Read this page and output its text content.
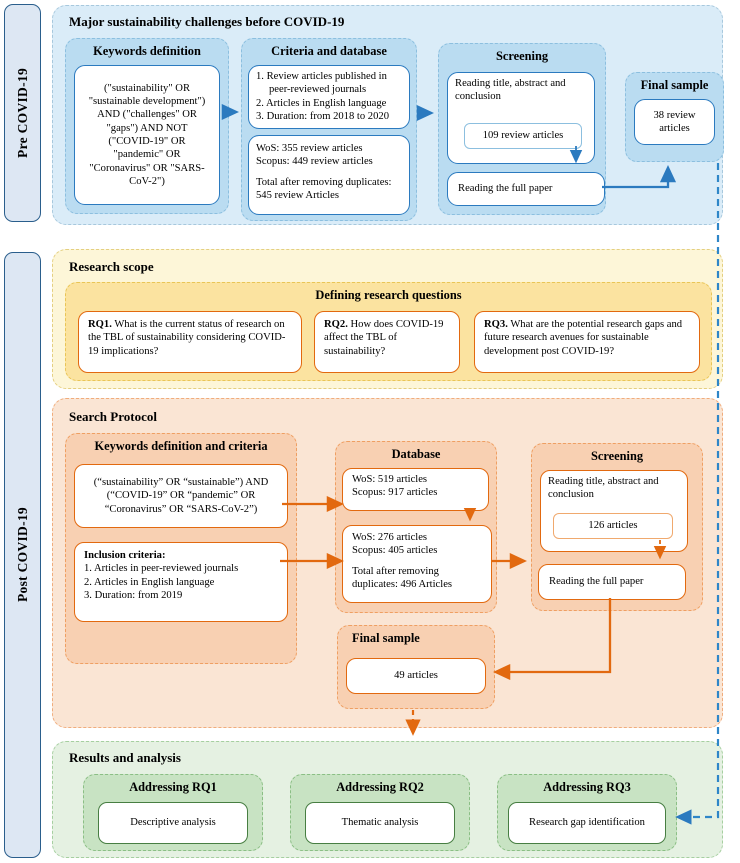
Pre COVID-19
Post COVID-19
Major sustainability challenges before COVID-19
Keywords definition
("sustainability" OR "sustainable development") AND ("challenges" OR "gaps") AND NOT ("COVID-19" OR "pandemic" OR "Coronavirus" OR "SARS-CoV-2")
Criteria and database
1. Review articles published in peer-reviewed journals
2. Articles in English language
3. Duration: from 2018 to 2020
WoS: 355 review articles
Scopus: 449 review articles
Total after removing duplicates: 545 review Articles
Screening
Reading title, abstract and conclusion
109 review articles
Reading the full paper
Final sample
38 review articles
Research scope
Defining research questions
RQ1. What is the current status of research on the TBL of sustainability considering COVID-19 implications?
RQ2. How does COVID-19 affect the TBL of sustainability?
RQ3. What are the potential research gaps and future research avenues for sustainable development post COVID-19?
Search Protocol
Keywords definition and criteria
(“sustainability” OR “sustainable”) AND (“COVID-19” OR “pandemic” OR “Coronavirus” OR “SARS-CoV-2”)
Inclusion criteria:
1. Articles in peer-reviewed journals
2. Articles in English language
3. Duration: from 2019
Database
WoS: 519 articles
Scopus: 917 articles
WoS: 276 articles
Scopus: 405 articles
Total after removing duplicates: 496 Articles
Screening
Reading title, abstract and conclusion
126 articles
Reading the full paper
Final sample
49 articles
Results and analysis
Addressing RQ1
Descriptive analysis
Addressing RQ2
Thematic analysis
Addressing RQ3
Research gap identification
